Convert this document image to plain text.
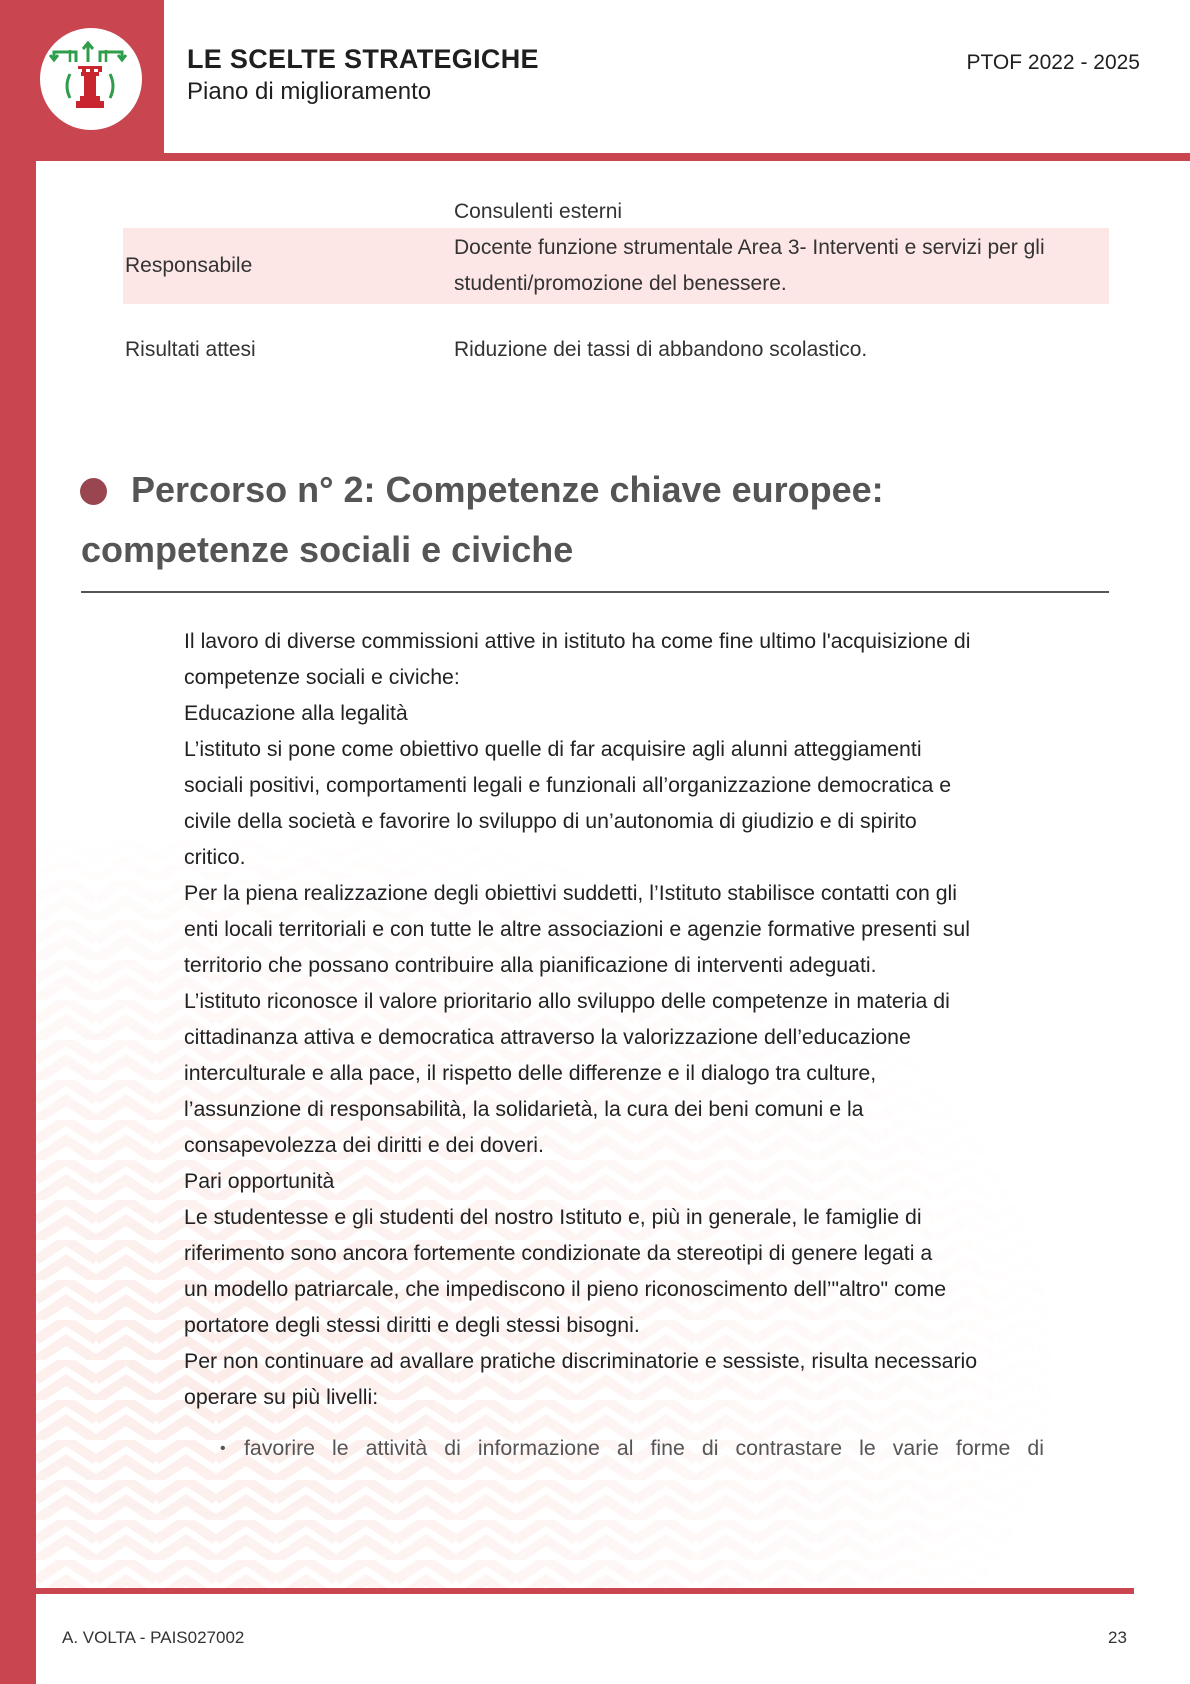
LE SCELTE STRATEGICHE
Piano di miglioramento
PTOF 2022 - 2025
Consulenti esterni
Responsabile
Docente funzione strumentale Area 3- Interventi e servizi per gli
studenti/promozione del benessere.
Risultati attesi	Riduzione dei tassi di abbandono scolastico.
Percorso n° 2: Competenze chiave europee:
competenze sociali e civiche
Il lavoro di diverse commissioni attive in istituto ha come fine ultimo l'acquisizione di
competenze sociali e civiche:
Educazione alla legalità
L’istituto si pone come obiettivo quelle di far acquisire agli alunni atteggiamenti
sociali positivi, comportamenti legali e funzionali all’organizzazione democratica e
civile della società e favorire lo sviluppo di un’autonomia di giudizio e di spirito
critico.
Per la piena realizzazione degli obiettivi suddetti, l’Istituto stabilisce contatti con gli
enti locali territoriali e con tutte le altre associazioni e agenzie formative presenti sul
territorio che possano contribuire alla pianificazione di interventi adeguati.
L’istituto riconosce il valore prioritario allo sviluppo delle competenze in materia di
cittadinanza attiva e democratica attraverso la valorizzazione dell’educazione
interculturale e alla pace, il rispetto delle differenze e il dialogo tra culture,
l’assunzione di responsabilità, la solidarietà, la cura dei beni comuni e la
consapevolezza dei diritti e dei doveri.
Pari opportunità
Le studentesse e gli studenti del nostro Istituto e, più in generale, le famiglie di
riferimento sono ancora fortemente condizionate da stereotipi di genere legati a
un modello patriarcale, che impediscono il pieno riconoscimento dell’"altro" come
portatore degli stessi diritti e degli stessi bisogni.
Per non continuare ad avallare pratiche discriminatorie e sessiste, risulta necessario
operare su più livelli:
• favorire le attività di informazione al fine di contrastare le varie forme di
A. VOLTA - PAIS027002	23
